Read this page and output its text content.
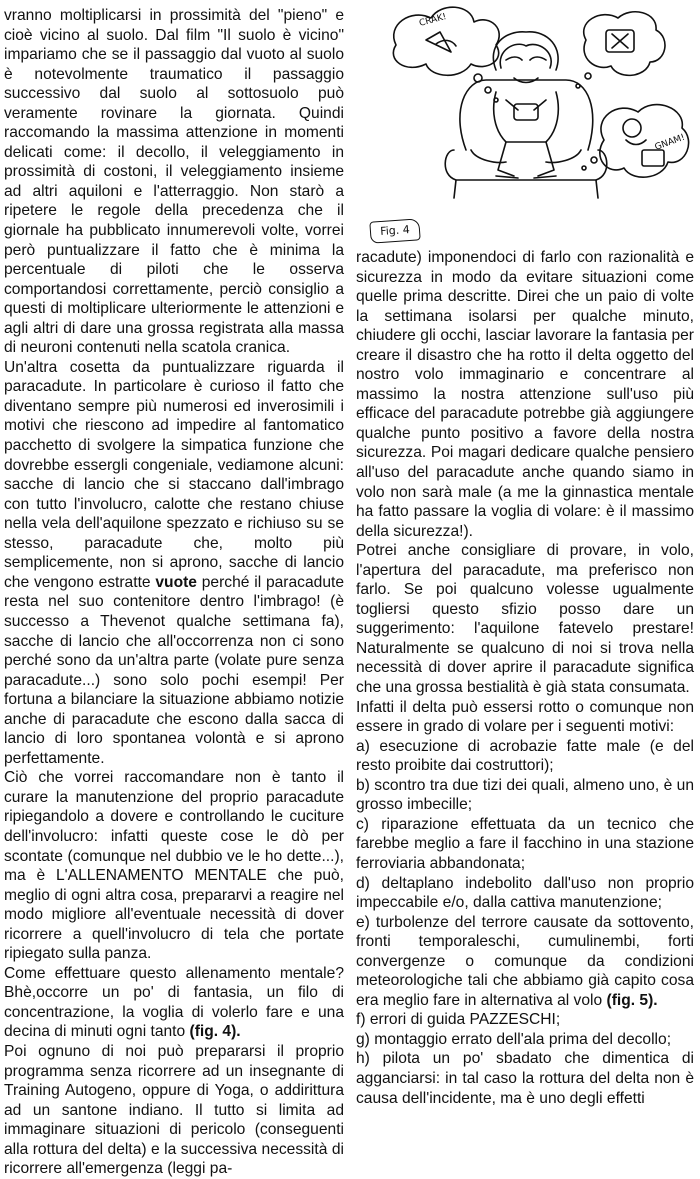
CRAK!
GNAM!
Fig. 4

vranno moltiplicarsi in prossimità del "pieno" e cioè vicino al suolo. Dal film "Il suolo è vicino" impariamo che se il passaggio dal vuoto al suolo è notevolmente traumatico il passaggio successivo dal suolo al sottosuolo può veramente rovinare la giornata. Quindi raccomando la massima attenzione in momenti delicati come: il decollo, il veleggiamento in prossimità di costoni, il veleggiamento insieme ad altri aquiloni e l'atterraggio. Non starò a ripetere le regole della precedenza che il giornale ha pubblicato innumerevoli volte, vorrei però puntualizzare il fatto che è minima la percentuale di piloti che le osserva comportandosi correttamente, perciò consiglio a questi di moltiplicare ulteriormente le attenzioni e agli altri di dare una grossa registrata alla massa di neuroni contenuti nella scatola cranica.

Un'altra cosetta da puntualizzare riguarda il paracadute. In particolare è curioso il fatto che diventano sempre più numerosi ed inverosimili i motivi che riescono ad impedire al fantomatico pacchetto di svolgere la simpatica funzione che dovrebbe essergli congeniale, vediamone alcuni: sacche di lancio che si staccano dall'imbrago con tutto l'involucro, calotte che restano chiuse nella vela dell'aquilone spezzato e richiuso su se stesso, paracadute che, molto più semplicemente, non si aprono, sacche di lancio che vengono estratte vuote perché il paracadute resta nel suo contenitore dentro l'imbrago! (è successo a Thevenot qualche settimana fa), sacche di lancio che all'occorrenza non ci sono perché sono da un'altra parte (volate pure senza paracadute...) sono solo pochi esempi! Per fortuna a bilanciare la situazione abbiamo notizie anche di paracadute che escono dalla sacca di lancio di loro spontanea volontà e si aprono perfettamente.

Ciò che vorrei raccomandare non è tanto il curare la manutenzione del proprio paracadute ripiegandolo a dovere e controllando le cuciture dell'involucro: infatti queste cose le dò per scontate (comunque nel dubbio ve le ho dette...), ma è L'ALLENAMENTO MENTALE che può, meglio di ogni altra cosa, prepararvi a reagire nel modo migliore all'eventuale necessità di dover ricorrere a quell'involucro di tela che portate ripiegato sulla panza.

Come effettuare questo allenamento mentale? Bhè,occorre un po' di fantasia, un filo di concentrazione, la voglia di volerlo fare e una decina di minuti ogni tanto (fig. 4).

Poi ognuno di noi può prepararsi il proprio programma senza ricorrere ad un insegnante di Training Autogeno, oppure di Yoga, o addirittura ad un santone indiano. Il tutto si limita ad immaginare situazioni di pericolo (conseguenti alla rottura del delta) e la successiva necessità di ricorrere all'emergenza (leggi pa-

racadute) imponendoci di farlo con razionalità e sicurezza in modo da evitare situazioni come quelle prima descritte. Direi che un paio di volte la settimana isolarsi per qualche minuto, chiudere gli occhi, lasciar lavorare la fantasia per creare il disastro che ha rotto il delta oggetto del nostro volo immaginario e concentrare al massimo la nostra attenzione sull'uso più efficace del paracadute potrebbe già aggiungere qualche punto positivo a favore della nostra sicurezza. Poi magari dedicare qualche pensiero all'uso del paracadute anche quando siamo in volo non sarà male (a me la ginnastica mentale ha fatto passare la voglia di volare: è il massimo della sicurezza!).

Potrei anche consigliare di provare, in volo, l'apertura del paracadute, ma preferisco non farlo. Se poi qualcuno volesse ugualmente togliersi questo sfizio posso dare un suggerimento: l'aquilone fatevelo prestare! Naturalmente se qualcuno di noi si trova nella necessità di dover aprire il paracadute significa che una grossa bestialità è già stata consumata.

Infatti il delta può essersi rotto o comunque non essere in grado di volare per i seguenti motivi:

a) esecuzione di acrobazie fatte male (e del resto proibite dai costruttori);

b) scontro tra due tizi dei quali, almeno uno, è un grosso imbecille;

c) riparazione effettuata da un tecnico che farebbe meglio a fare il facchino in una stazione ferroviaria abbandonata;

d) deltaplano indebolito dall'uso non proprio impeccabile e/o, dalla cattiva manutenzione;

e) turbolenze del terrore causate da sottovento, fronti temporaleschi, cumulinembi, forti convergenze o comunque da condizioni meteorologiche tali che abbiamo già capito cosa era meglio fare in alternativa al volo (fig. 5).

f) errori di guida PAZZESCHI;

g) montaggio errato dell'ala prima del decollo;

h) pilota un po' sbadato che dimentica di agganciarsi: in tal caso la rottura del delta non è causa dell'incidente, ma è uno degli effetti
